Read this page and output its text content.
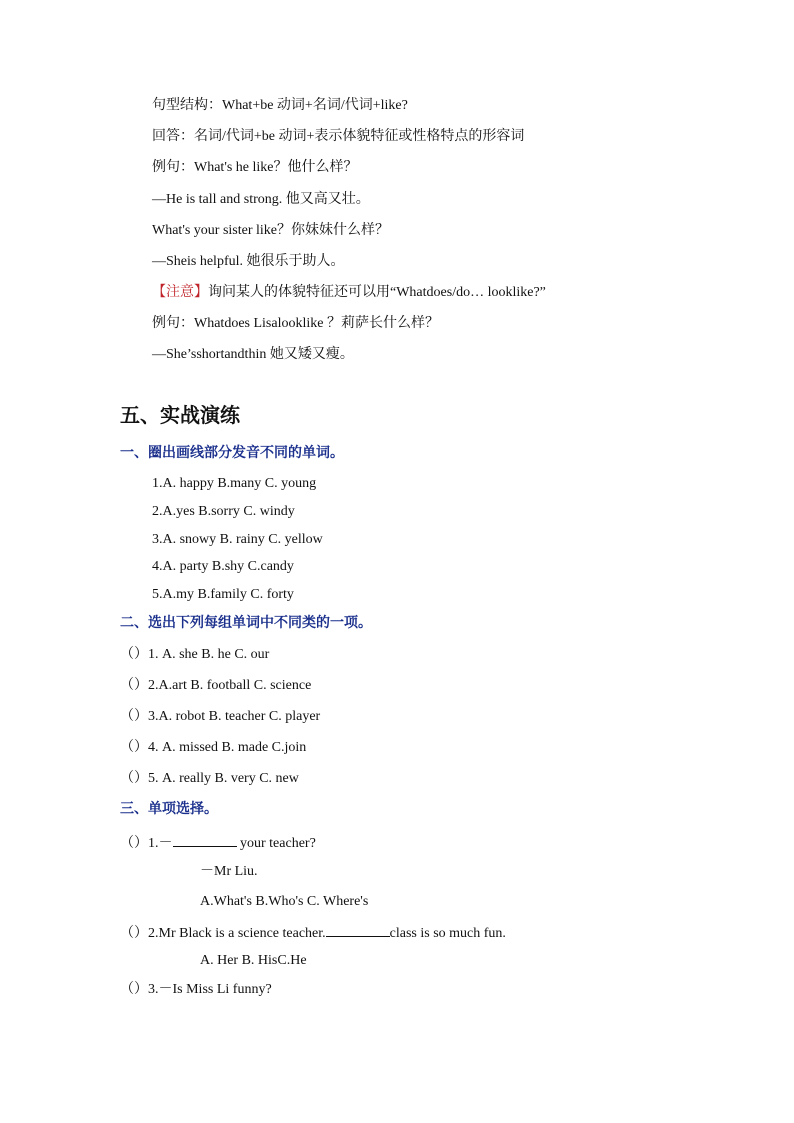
句型结构：What+be 动词+名词/代词+like?
回答：名词/代词+be 动词+表示体貌特征或性格特点的形容词
例句：What's he like？他什么样？
—He is tall and strong. 他又高又壮。
What's your sister like？你妹妹什么样？
—Sheis helpful. 她很乐于助人。
【注意】询问某人的体貌特征还可以用“Whatdoes/do… looklike?”
例句：Whatdoes Lisalooklike ？莉萨长什么样？
—She’sshortandthin 她又矮又瘦。
五、实战演练
一、圈出画线部分发音不同的单词。
1.A. happy B.many C. young
2.A.yes B.sorry C. windy
3.A. snowy B. rainy C. yellow
4.A. party B.shy C.candy
5.A.my B.family C. forty
二、选出下列每组单词中不同类的一项。
（）1. A. she B. he C. our
（）2.A.art B. football C. science
（）3.A. robot B. teacher C. player
（）4. A. missed B. made C.join
（）5. A. really B. very C. new
三、单项选择。
（）1.－	your teacher?
－Mr Liu.
A.What's B.Who's C. Where's
（）2.Mr Black is a science teacher.	class is so much fun.
A. Her B. HisC.He
（）3.－Is Miss Li funny?
